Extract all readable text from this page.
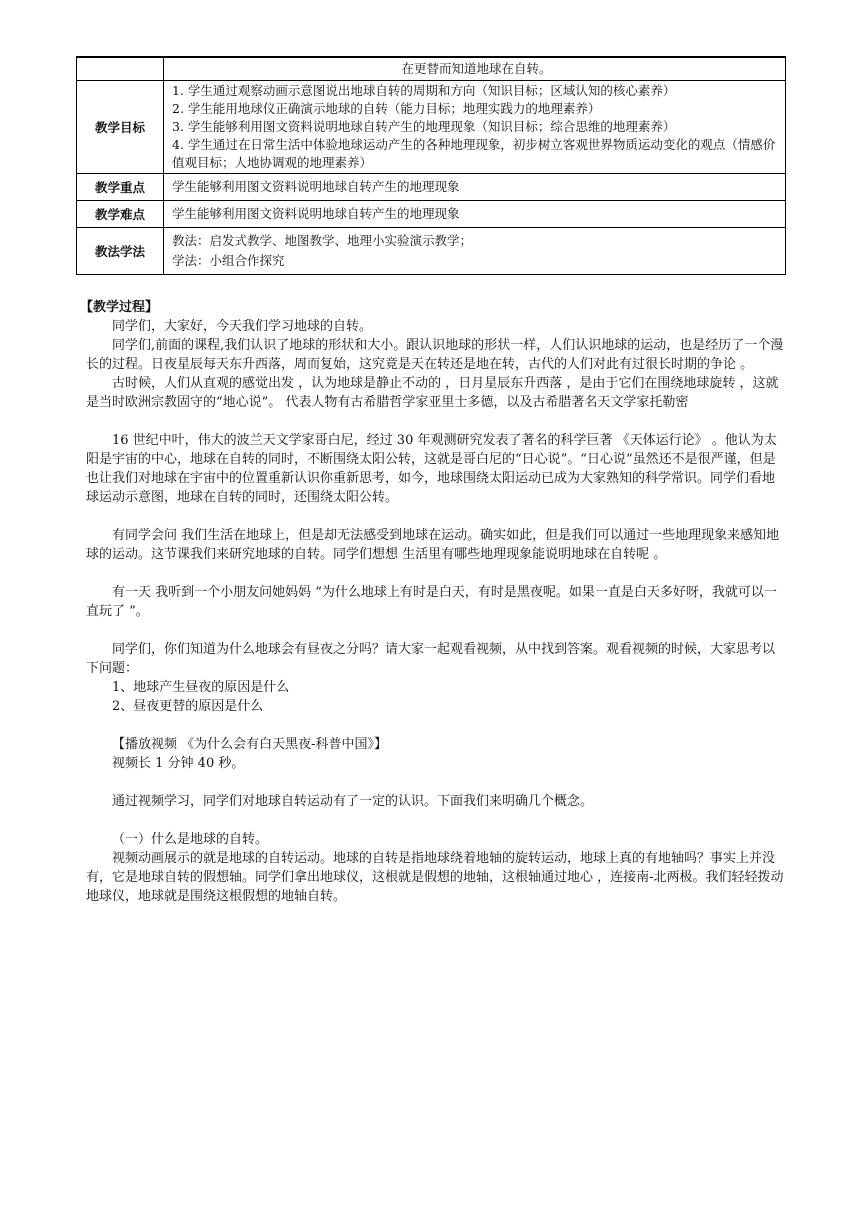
	在更替而知道地球在自转。
教学目标	1. 学生通过观察动画示意图说出地球自转的周期和方向（知识目标；区域认知的核心素养）
2. 学生能用地球仪正确演示地球的自转（能力目标；地理实践力的地理素养）
3. 学生能够利用图文资料说明地球自转产生的地理现象（知识目标；综合思维的地理素养）
4. 学生通过在日常生活中体验地球运动产生的各种地理现象，初步树立客观世界物质运动变化的观点（情感价值观目标；人地协调观的地理素养）

教学重点	学生能够利用图文资料说明地球自转产生的地理现象
教学难点	学生能够利用图文资料说明地球自转产生的地理现象
教法学法	教法：启发式教学、地图教学、地理小实验演示教学；
学法：小组合作探究

【教学过程】

同学们，大家好，今天我们学习地球的自转。

同学们,前面的课程,我们认识了地球的形状和大小。跟认识地球的形状一样，人们认识地球的运动，也是经历了一个漫长的过程。日夜星辰每天东升西落，周而复始，这究竟是天在转还是地在转，古代的人们对此有过很长时期的争论 。

古时候，人们从直观的感觉出发 ，认为地球是静止不动的 ，日月星辰东升西落 ，是由于它们在围绕地球旋转 ，这就是当时欧洲宗教固守的“地心说”。 代表人物有古希腊哲学家亚里士多德，以及古希腊著名天文学家托勒密

16 世纪中叶，伟大的波兰天文学家哥白尼，经过 30 年观测研究发表了著名的科学巨著 《天体运行论》 。他认为太阳是宇宙的中心，地球在自转的同时，不断围绕太阳公转，这就是哥白尼的“日心说”。“日心说”虽然还不是很严谨，但是也让我们对地球在宇宙中的位置重新认识你重新思考，如今，地球围绕太阳运动已成为大家熟知的科学常识。同学们看地球运动示意图，地球在自转的同时，还围绕太阳公转。

有同学会问 我们生活在地球上，但是却无法感受到地球在运动。确实如此，但是我们可以通过一些地理现象来感知地球的运动。这节课我们来研究地球的自转。同学们想想 生活里有哪些地理现象能说明地球在自转呢 。

有一天 我听到一个小朋友问她妈妈 “为什么地球上有时是白天，有时是黑夜呢。如果一直是白天多好呀，我就可以一直玩了 ”。

同学们，你们知道为什么地球会有昼夜之分吗？请大家一起观看视频，从中找到答案。观看视频的时候，大家思考以下问题：

1、地球产生昼夜的原因是什么

2、昼夜更替的原因是什么

【播放视频 《为什么会有白天黑夜-科普中国》】

视频长 1 分钟 40 秒。

通过视频学习，同学们对地球自转运动有了一定的认识。下面我们来明确几个概念。

（一）什么是地球的自转。

视频动画展示的就是地球的自转运动。地球的自转是指地球绕着地轴的旋转运动，地球上真的有地轴吗？事实上并没有，它是地球自转的假想轴。同学们拿出地球仪，这根就是假想的地轴，这根轴通过地心 ，连接南-北两极。我们轻轻拨动地球仪，地球就是围绕这根假想的地轴自转。
